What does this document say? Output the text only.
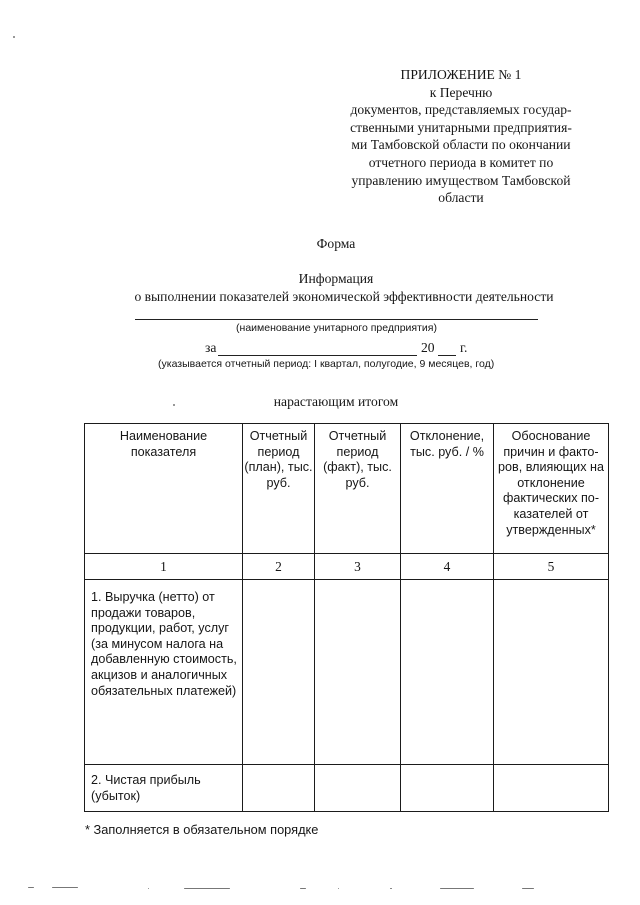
ПРИЛОЖЕНИЕ № 1
к Перечню
документов, представляемых государ-
ственными унитарными предприятия-
ми Тамбовской области по окончании
отчетного периода в комитет по
управлению имуществом Тамбовской
области
Форма
Информация
о выполнении показателей экономической эффективности деятельности
(наименование унитарного предприятия)
за	20 г.
(указывается отчетный период: I квартал, полугодие, 9 месяцев, год)
нарастающим итогом
Наименование показателя	Отчетный период (план), тыс. руб.	Отчетный период (факт), тыс. руб.	Отклонение, тыс. руб. / %	Обоснование причин и факто-ров, влияющих на отклонение фактических по-казателей от утвержденных*
1	2	3	4	5
1. Выручка (нетто) от продажи товаров, продукции, работ, услуг (за минусом налога на добавленную стоимость, акцизов и аналогичных обязательных платежей)				
2. Чистая прибыль (убыток)				
* Заполняется в обязательном порядке
